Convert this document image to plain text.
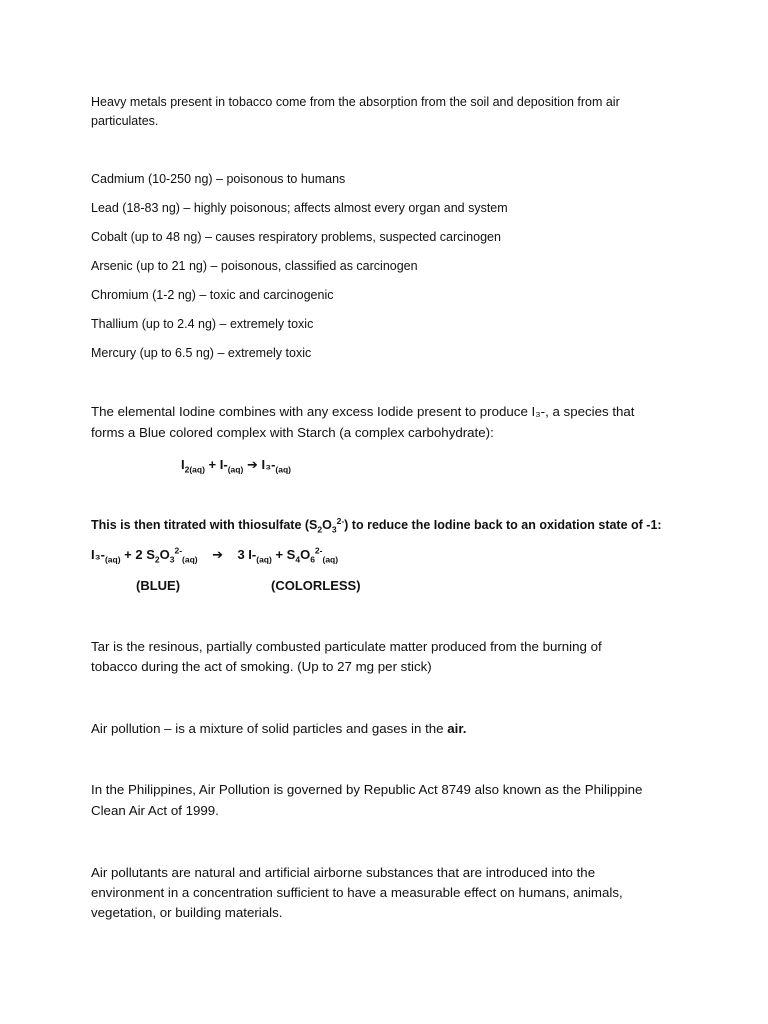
Heavy metals present in tobacco come from the absorption from the soil and deposition from air
particulates.
Cadmium (10-250 ng) – poisonous to humans
Lead (18-83 ng) – highly poisonous; affects almost every organ and system
Cobalt (up to 48 ng) – causes respiratory problems, suspected carcinogen
Arsenic (up to 21 ng) – poisonous, classified as carcinogen
Chromium (1-2 ng) – toxic and carcinogenic
Thallium (up to 2.4 ng) – extremely toxic
Mercury (up to 6.5 ng) – extremely toxic
The elemental Iodine combines with any excess Iodide present to produce I₃-, a species that
forms a Blue colored complex with Starch (a complex carbohydrate):
$I_{2(aq)} + I-_{(aq)}$ ➔ $I_3-_{(aq)}$
This is then titrated with thiosulfate $(S_2O_3^{2-})$ to reduce the Iodine back to an oxidation state of -1:
$I_3-_{(aq)} + 2$ $S_2O_3^{2-}_{(aq)}$ ➔ 3 $I-_{(aq)} + S_4O_6^{2-}_{(aq)}$
(BLUE)	(COLORLESS)
Tar is the resinous, partially combusted particulate matter produced from the burning of
tobacco during the act of smoking. (Up to 27 mg per stick)
Air pollution – is a mixture of solid particles and gases in the air.
In the Philippines, Air Pollution is governed by Republic Act 8749 also known as the Philippine
Clean Air Act of 1999.
Air pollutants are natural and artificial airborne substances that are introduced into the
environment in a concentration sufficient to have a measurable effect on humans, animals,
vegetation, or building materials.
